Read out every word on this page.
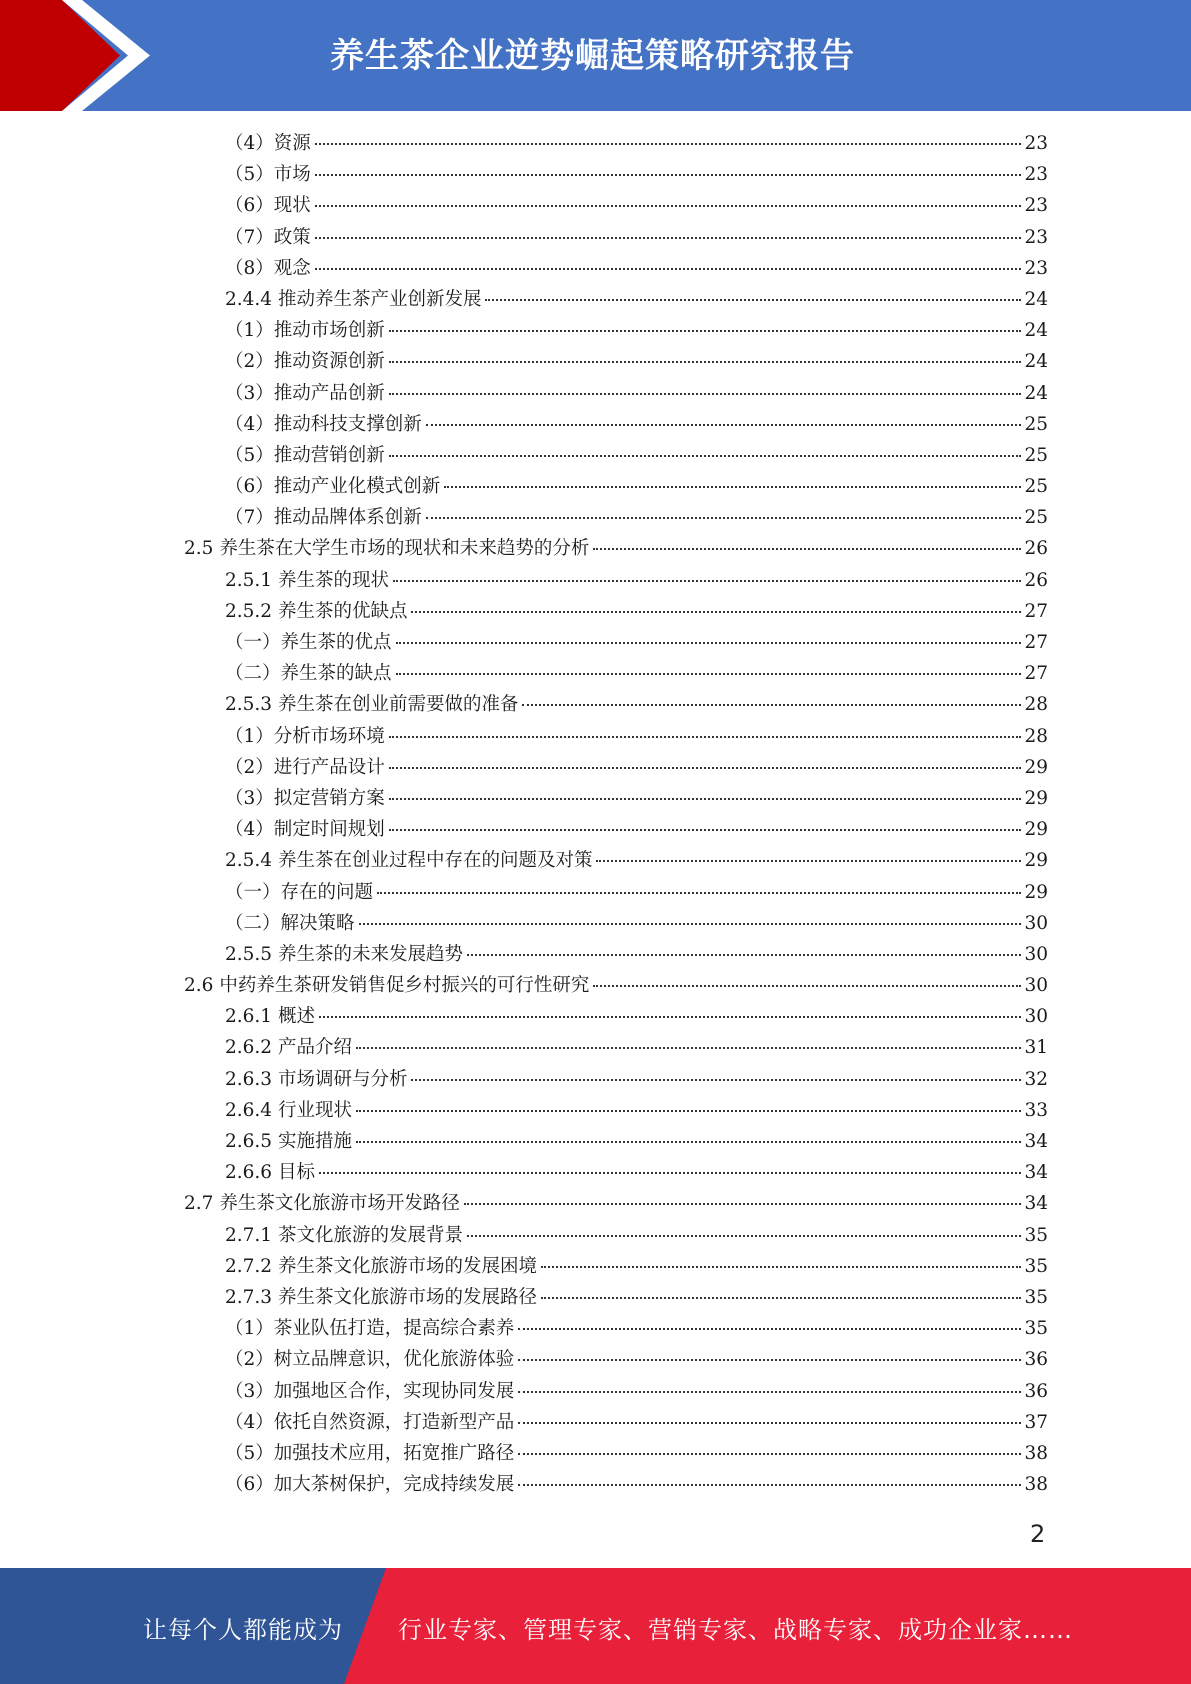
养生茶企业逆势崛起策略研究报告
（4） 资源	23
（5） 市场	23
（6） 现状	23
（7） 政策	23
（8） 观念	23
2.4.4 推动养生茶产业创新发展	24
（1） 推动市场创新	24
（2） 推动资源创新	24
（3） 推动产品创新	24
（4） 推动科技支撑创新	25
（5） 推动营销创新	25
（6） 推动产业化模式创新	25
（7） 推动品牌体系创新	25
2.5 养生茶在大学生市场的现状和未来趋势的分析	26
2.5.1 养生茶的现状	26
2.5.2 养生茶的优缺点	27
（一） 养生茶的优点	27
（二） 养生茶的缺点	27
2.5.3 养生茶在创业前需要做的准备	28
（1） 分析市场环境	28
（2） 进行产品设计	29
（3） 拟定营销方案	29
（4） 制定时间规划	29
2.5.4 养生茶在创业过程中存在的问题及对策	29
（一） 存在的问题	29
（二） 解决策略	30
2.5.5 养生茶的未来发展趋势	30
2.6 中药养生茶研发销售促乡村振兴的可行性研究	30
2.6.1 概述	30
2.6.2 产品介绍	31
2.6.3 市场调研与分析	32
2.6.4 行业现状	33
2.6.5 实施措施	34
2.6.6 目标	34
2.7 养生茶文化旅游市场开发路径	34
2.7.1 茶文化旅游的发展背景	35
2.7.2 养生茶文化旅游市场的发展困境	35
2.7.3 养生茶文化旅游市场的发展路径	35
（1） 茶业队伍打造，提高综合素养	35
（2） 树立品牌意识，优化旅游体验	36
（3） 加强地区合作，实现协同发展	36
（4） 依托自然资源，打造新型产品	37
（5） 加强技术应用，拓宽推广路径	38
（6） 加大茶树保护，完成持续发展	38
2
让每个人都能成为 行业专家、管理专家、营销专家、战略专家、成功企业家……
